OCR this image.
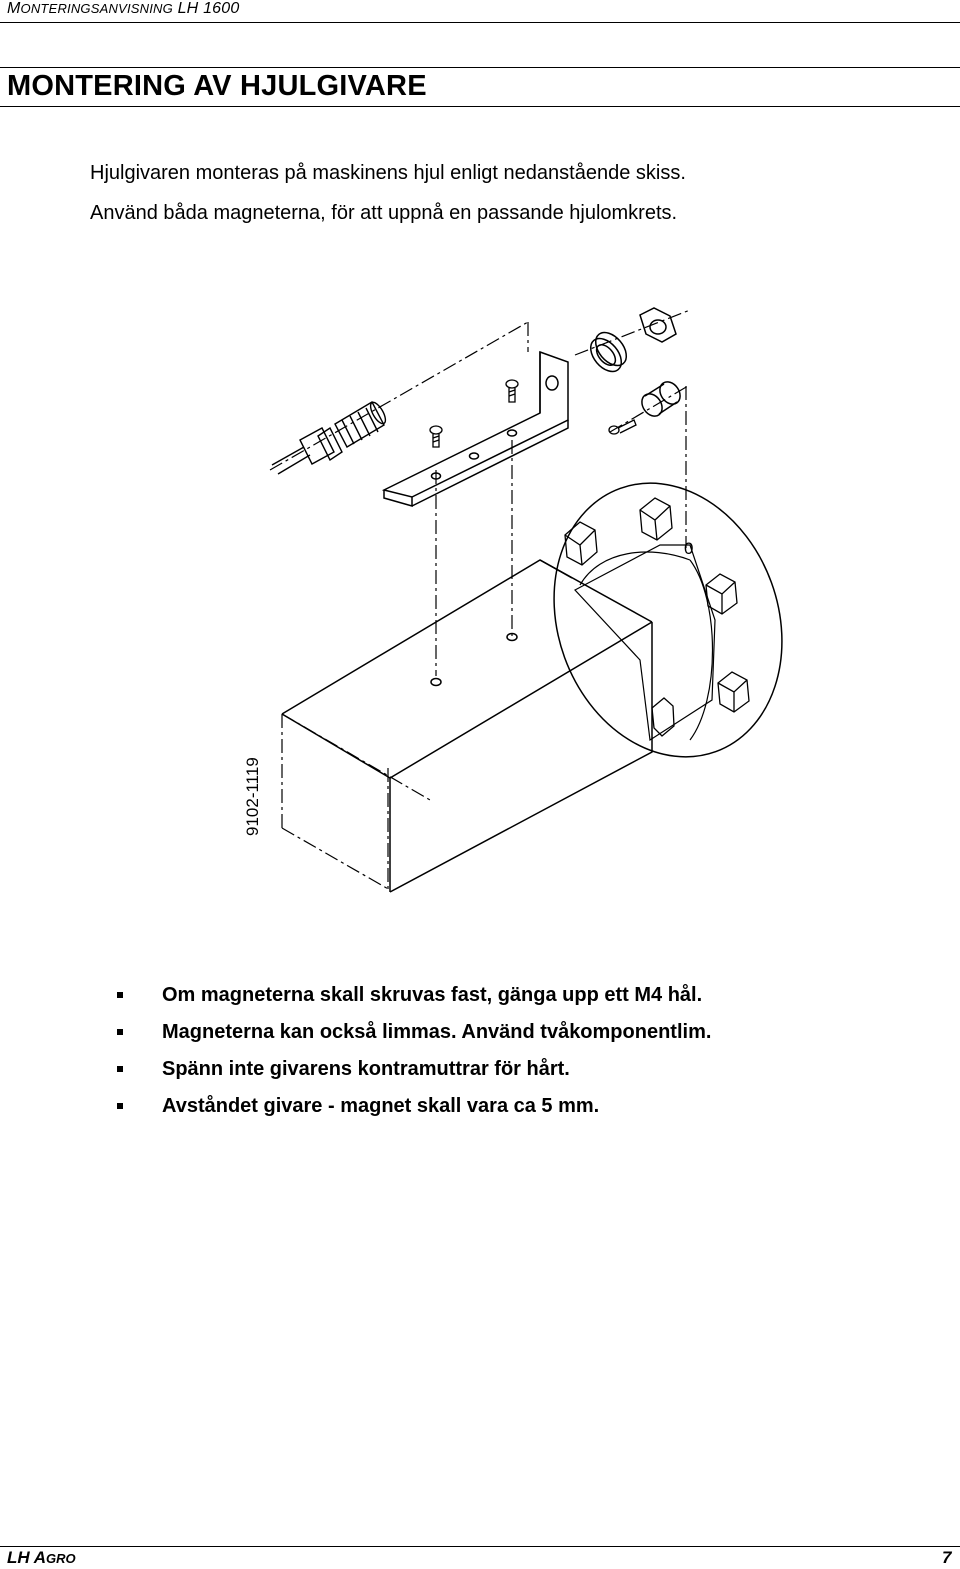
MONTERINGSANVISNING LH 1600
MONTERING AV HJULGIVARE
Hjulgivaren monteras på maskinens hjul enligt nedanstående skiss.
Använd båda magneterna, för att uppnå en passande hjulomkrets.
0
9102-1119
Om magneterna skall skruvas fast, gänga upp ett M4 hål.
Magneterna kan också limmas. Använd tvåkomponentlim.
Spänn inte givarens kontramuttrar för hårt.
Avståndet givare - magnet skall vara ca 5 mm.
LH AGRO	7
